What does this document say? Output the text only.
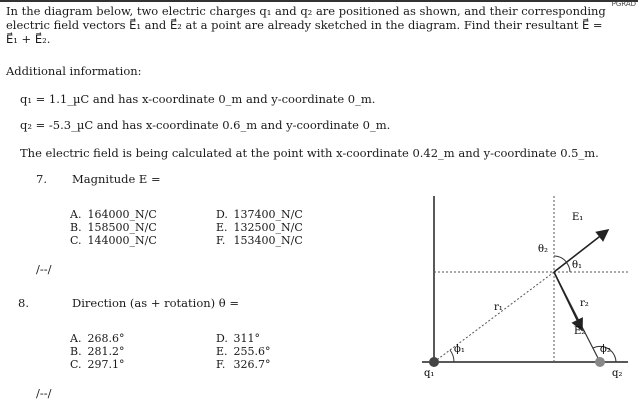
PGRAD
In the diagram below, two electric charges q₁ and q₂ are positioned as shown, and their corresponding
electric field vectors E⃗₁ and E⃗₂ at a point are already sketched in the diagram. Find their resultant E⃗ =
E⃗₁ + E⃗₂.
Additional information:
q₁ = 1.1_µC and has x-coordinate 0_m and y-coordinate 0_m.
q₂ = -5.3_µC and has x-coordinate 0.6_m and y-coordinate 0_m.
The electric field is being calculated at the point with x-coordinate 0.42_m and y-coordinate 0.5_m.
7. Magnitude E =
A. 164000_N/C
B. 158500_N/C
C. 144000_N/C
D. 137400_N/C
E. 132500_N/C
F. 153400_N/C
/--/
8.	Direction (as + rotation) θ =
A. 268.6°
B. 281.2°
C. 297.1°
D. 311°
E. 255.6°
F. 326.7°
/--/
E₁
E₂
r₁	r₂
θ₂
θ₁
ϕ₁	ϕ₂
q₁	q₂
